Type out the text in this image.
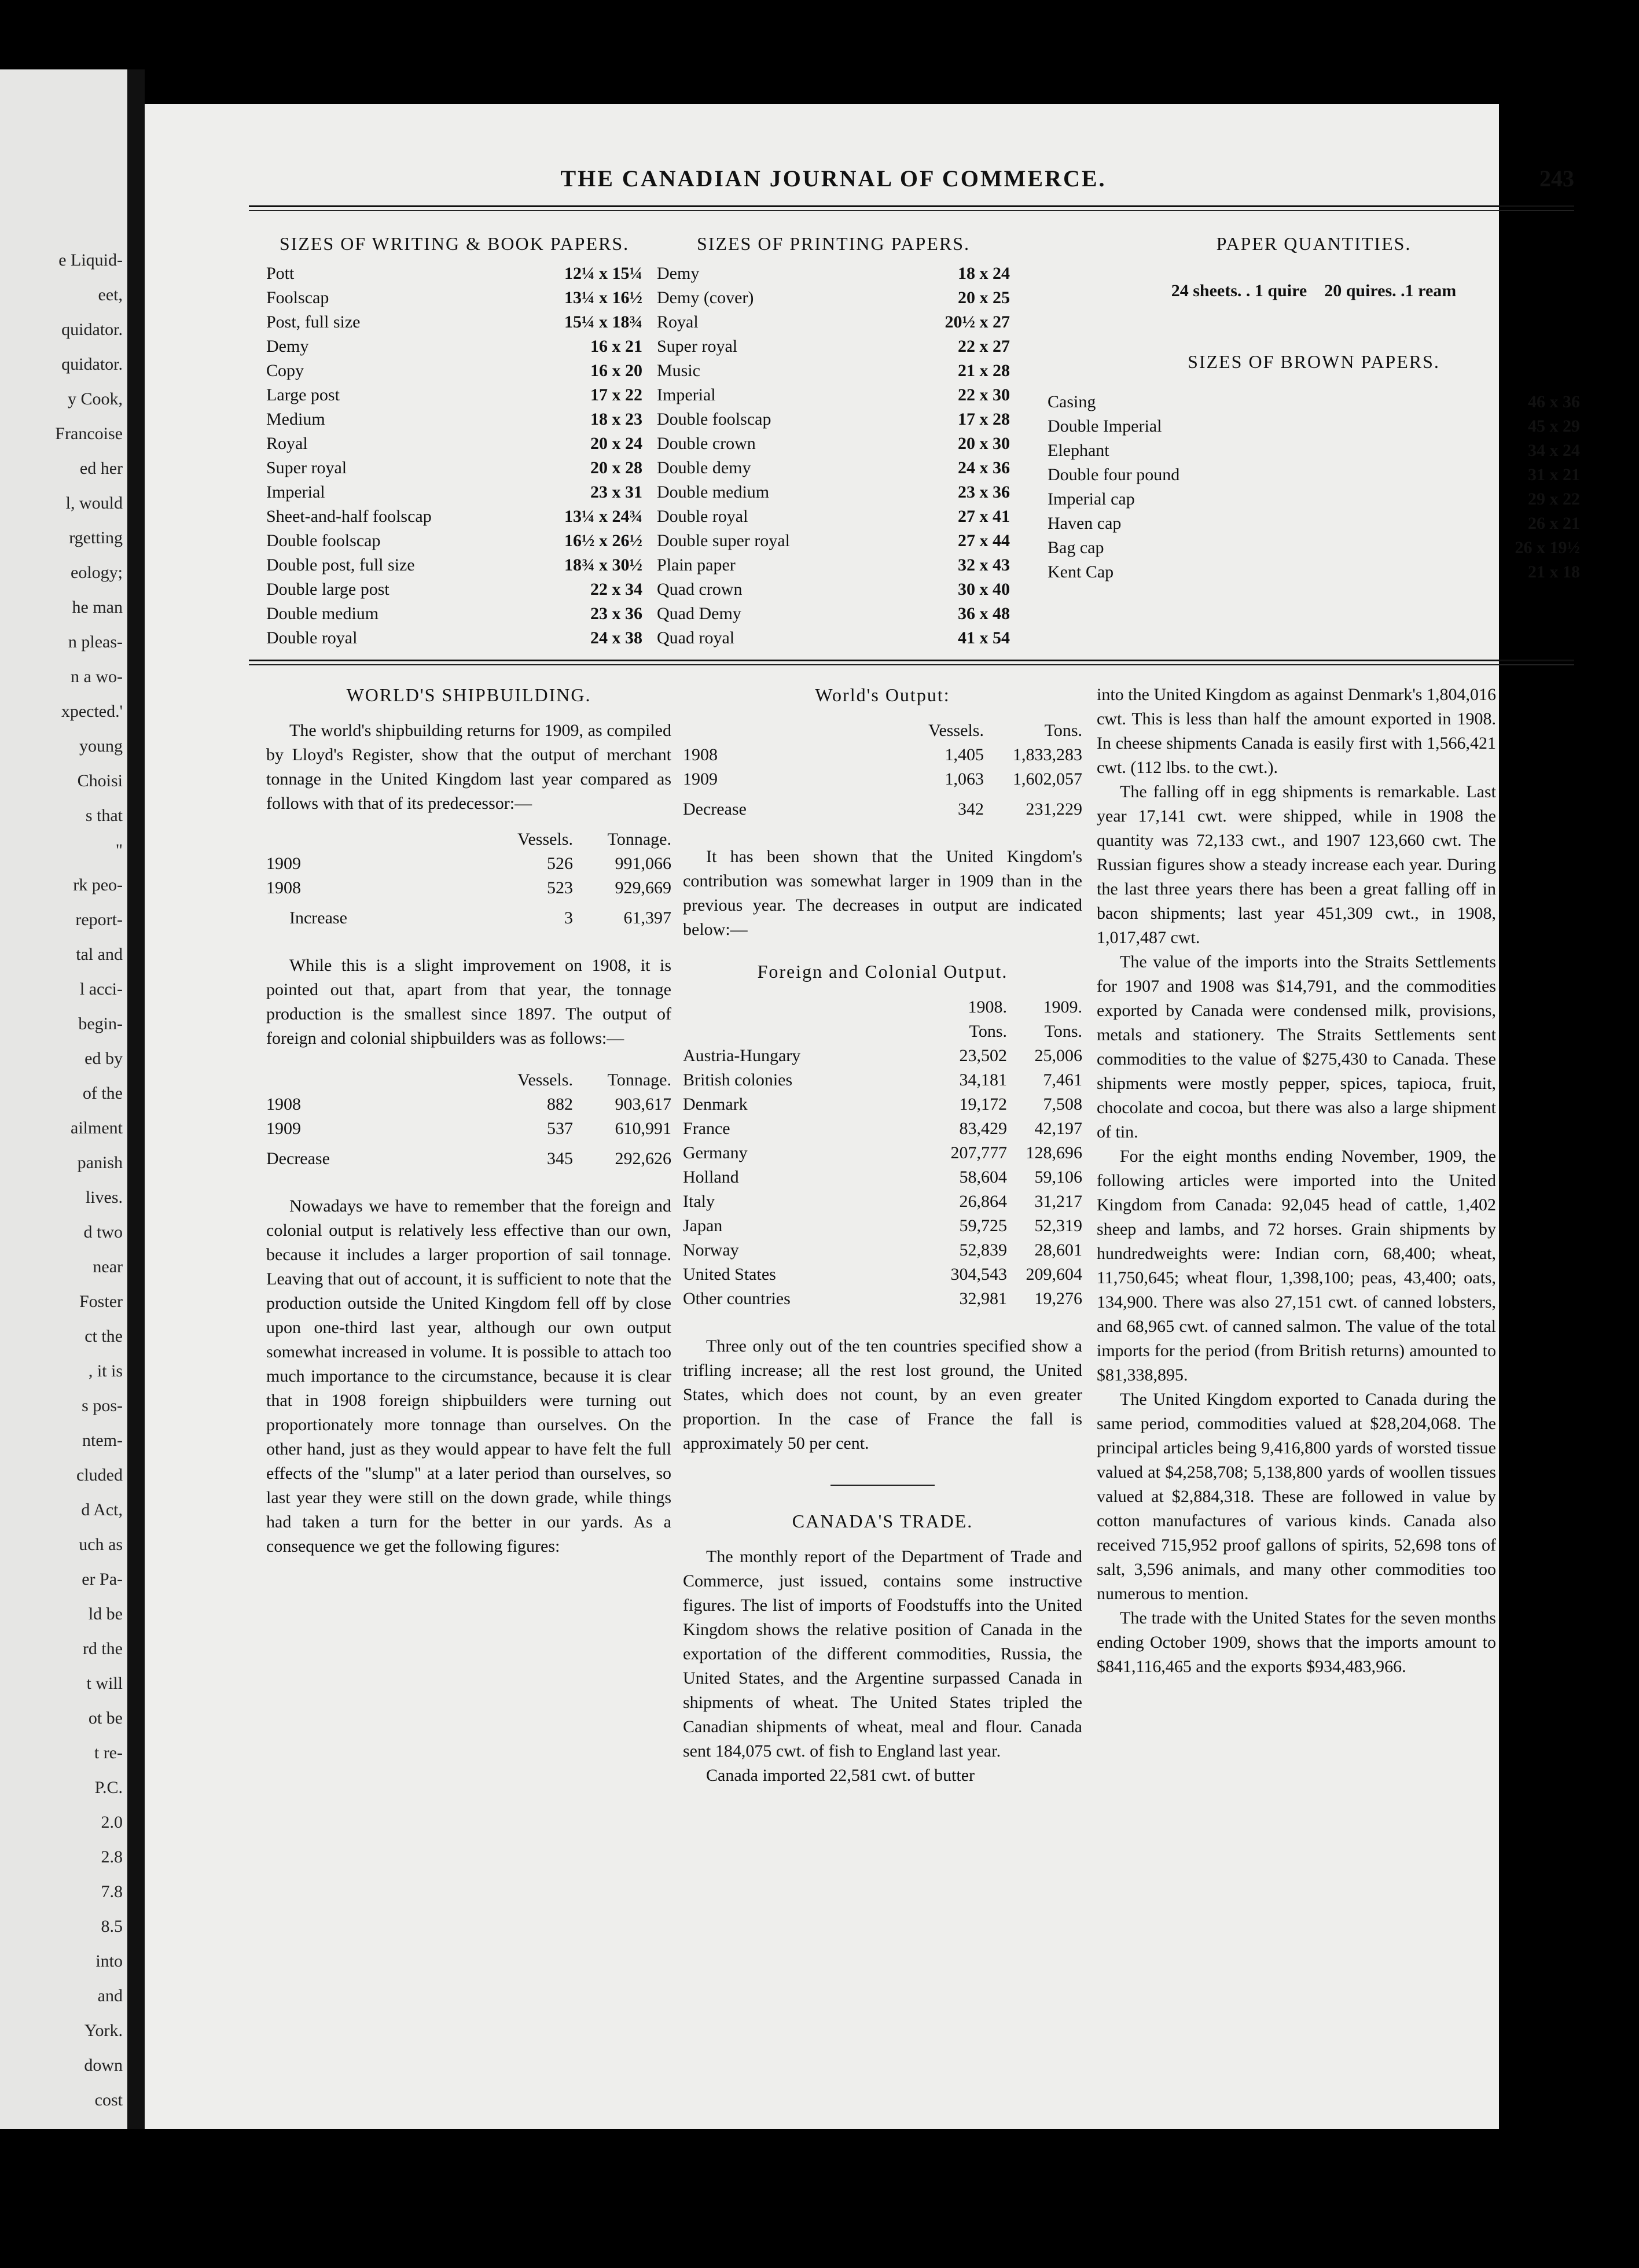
e Liquid-
eet,
quidator.
quidator.
y Cook,
Francoise
ed her
l, would
rgetting
eology;
he man
n pleas-
n a wo-
xpected.'
young
Choisi
s that
"
rk peo-
report-
tal and
l acci-
begin-
ed by
of the
ailment
panish
lives.
d two
near
Foster
ct the
, it is
s pos-
ntem-
cluded
d Act,
uch as
er Pa-
ld be
rd the
t will
ot be
t re-
P.C.
2.0
2.8
7.8
8.5
into
and
York.
down
cost
THE CANADIAN JOURNAL OF COMMERCE.	243
SIZES OF WRITING & BOOK PAPERS.
Pott	12¼ x 15¼
Foolscap	13¼ x 16½
Post, full size	15¼ x 18¾
Demy	16 x 21
Copy	16 x 20
Large post	17 x 22
Medium	18 x 23
Royal	20 x 24
Super royal	20 x 28
Imperial	23 x 31
Sheet-and-half foolscap	13¼ x 24¾
Double foolscap	16½ x 26½
Double post, full size	18¾ x 30½
Double large post	22 x 34
Double medium	23 x 36
Double royal	24 x 38
SIZES OF PRINTING PAPERS.
Demy	18 x 24
Demy (cover)	20 x 25
Royal	20½ x 27
Super royal	22 x 27
Music	21 x 28
Imperial	22 x 30
Double foolscap	17 x 28
Double crown	20 x 30
Double demy	24 x 36
Double medium	23 x 36
Double royal	27 x 41
Double super royal	27 x 44
Plain paper	32 x 43
Quad crown	30 x 40
Quad Demy	36 x 48
Quad royal	41 x 54
PAPER QUANTITIES.
24 sheets. . 1 quire    20 quires. .1 ream
SIZES OF BROWN PAPERS.
Casing	46 x 36
Double Imperial	45 x 29
Elephant	34 x 24
Double four pound	31 x 21
Imperial cap	29 x 22
Haven cap	26 x 21
Bag cap	26 x 19½
Kent Cap	21 x 18
WORLD'S SHIPBUILDING.

The world's shipbuilding returns for 1909, as compiled by Lloyd's Register, show that the output of merchant tonnage in the United Kingdom last year compared as follows with that of its predecessor:—

Vessels.	Tonnage.
1909	526	991,066
1908	523	929,669
Increase	3	61,397

While this is a slight improvement on 1908, it is pointed out that, apart from that year, the tonnage production is the smallest since 1897. The output of foreign and colonial shipbuilders was as follows:—

Vessels.	Tonnage.
1908	882	903,617
1909	537	610,991
Decrease	345	292,626

Nowadays we have to remember that the foreign and colonial output is relatively less effective than our own, because it includes a larger proportion of sail tonnage. Leaving that out of account, it is sufficient to note that the production outside the United Kingdom fell off by close upon one-third last year, although our own output somewhat increased in volume. It is possible to attach too much importance to the circumstance, because it is clear that in 1908 foreign shipbuilders were turning out proportionately more tonnage than ourselves. On the other hand, just as they would appear to have felt the full effects of the "slump" at a later period than ourselves, so last year they were still on the down grade, while things had taken a turn for the better in our yards. As a consequence we get the following figures:

World's Output:
Vessels.	Tons.
1908	1,405	1,833,283
1909	1,063	1,602,057
Decrease	342	231,229

It has been shown that the United Kingdom's contribution was somewhat larger in 1909 than in the previous year. The decreases in output are indicated below:—

Foreign and Colonial Output.
1908.	1909.
Tons.	Tons.
Austria-Hungary	23,502	25,006
British colonies	34,181	7,461
Denmark	19,172	7,508
France	83,429	42,197
Germany	207,777	128,696
Holland	58,604	59,106
Italy	26,864	31,217
Japan	59,725	52,319
Norway	52,839	28,601
United States	304,543	209,604
Other countries	32,981	19,276

Three only out of the ten countries specified show a trifling increase; all the rest lost ground, the United States, which does not count, by an even greater proportion. In the case of France the fall is approximately 50 per cent.

CANADA'S TRADE.

The monthly report of the Department of Trade and Commerce, just issued, contains some instructive figures. The list of imports of Foodstuffs into the United Kingdom shows the relative position of Canada in the exportation of the different commodities, Russia, the United States, and the Argentine surpassed Canada in shipments of wheat. The United States tripled the Canadian shipments of wheat, meal and flour. Canada sent 184,075 cwt. of fish to England last year.

Canada imported 22,581 cwt. of butter

into the United Kingdom as against Denmark's 1,804,016 cwt. This is less than half the amount exported in 1908. In cheese shipments Canada is easily first with 1,566,421 cwt. (112 lbs. to the cwt.).

The falling off in egg shipments is remarkable. Last year 17,141 cwt. were shipped, while in 1908 the quantity was 72,133 cwt., and 1907 123,660 cwt. The Russian figures show a steady increase each year. During the last three years there has been a great falling off in bacon shipments; last year 451,309 cwt., in 1908, 1,017,487 cwt.

The value of the imports into the Straits Settlements for 1907 and 1908 was $14,791, and the commodities exported by Canada were condensed milk, provisions, metals and stationery. The Straits Settlements sent commodities to the value of $275,430 to Canada. These shipments were mostly pepper, spices, tapioca, fruit, chocolate and cocoa, but there was also a large shipment of tin.

For the eight months ending November, 1909, the following articles were imported into the United Kingdom from Canada: 92,045 head of cattle, 1,402 sheep and lambs, and 72 horses. Grain shipments by hundredweights were: Indian corn, 68,400; wheat, 11,750,645; wheat flour, 1,398,100; peas, 43,400; oats, 134,900. There was also 27,151 cwt. of canned lobsters, and 68,965 cwt. of canned salmon. The value of the total imports for the period (from British returns) amounted to $81,338,895.

The United Kingdom exported to Canada during the same period, commodities valued at $28,204,068. The principal articles being 9,416,800 yards of worsted tissue valued at $4,258,708; 5,138,800 yards of woollen tissues valued at $2,884,318. These are followed in value by cotton manufactures of various kinds. Canada also received 715,952 proof gallons of spirits, 52,698 tons of salt, 3,596 animals, and many other commodities too numerous to mention.

The trade with the United States for the seven months ending October 1909, shows that the imports amount to $841,116,465 and the exports $934,483,966.
